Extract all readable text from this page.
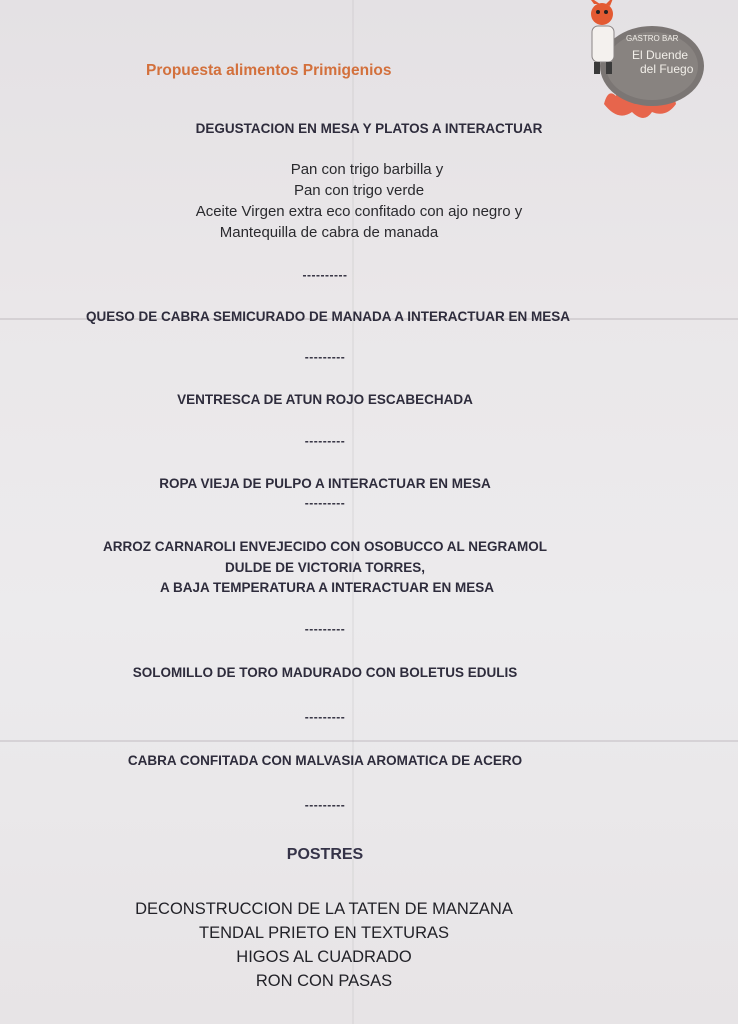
Propuesta alimentos Primigenios
GASTRO BAR
El Duende
del Fuego
DEGUSTACION EN MESA Y PLATOS A INTERACTUAR
Pan con trigo barbilla y
Pan con trigo verde
Aceite Virgen extra eco confitado con ajo negro y
Mantequilla de cabra de manada
----------
QUESO DE CABRA SEMICURADO DE MANADA A INTERACTUAR EN MESA
---------
VENTRESCA DE ATUN ROJO ESCABECHADA
---------
ROPA VIEJA DE PULPO A INTERACTUAR EN MESA
---------
ARROZ CARNAROLI ENVEJECIDO CON OSOBUCCO AL NEGRAMOL
DULDE DE VICTORIA TORRES,
A BAJA TEMPERATURA A INTERACTUAR EN MESA
---------
SOLOMILLO DE TORO MADURADO CON BOLETUS EDULIS
---------
CABRA CONFITADA CON MALVASIA AROMATICA DE ACERO
---------
POSTRES
DECONSTRUCCION DE LA TATEN DE MANZANA
TENDAL PRIETO EN TEXTURAS
HIGOS AL CUADRADO
RON CON PASAS
